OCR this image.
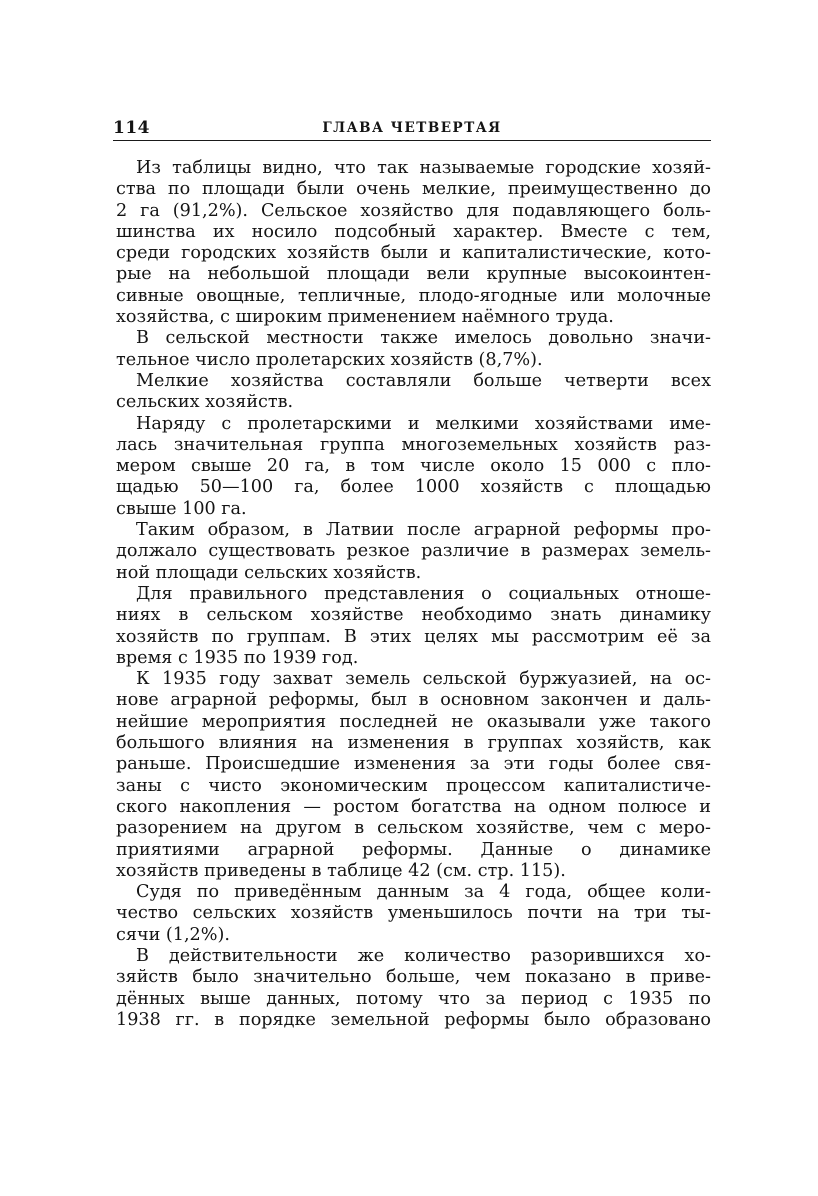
114	ГЛАВА ЧЕТВЕРТАЯ
Из таблицы видно, что так называемые городские хозяй-
ства по площади были очень мелкие, преимущественно до
2 га (91,2%). Сельское хозяйство для подавляющего боль-
шинства их носило подсобный характер. Вместе с тем,
среди городских хозяйств были и капиталистические, кото-
рые на небольшой площади вели крупные высокоинтен-
сивные овощные, тепличные, плодо-ягодные или молочные
хозяйства, с широким применением наёмного труда.
В сельской местности также имелось довольно значи-
тельное число пролетарских хозяйств (8,7%).
Мелкие хозяйства составляли больше четверти всех
сельских хозяйств.
Наряду с пролетарскими и мелкими хозяйствами име-
лась значительная группа многоземельных хозяйств раз-
мером свыше 20 га, в том числе около 15 000 с пло-
щадью 50—100 га, более 1000 хозяйств с площадью
свыше 100 га.
Таким образом, в Латвии после аграрной реформы про-
должало существовать резкое различие в размерах земель-
ной площади сельских хозяйств.
Для правильного представления о социальных отноше-
ниях в сельском хозяйстве необходимо знать динамику
хозяйств по группам. В этих целях мы рассмотрим её за
время с 1935 по 1939 год.
К 1935 году захват земель сельской буржуазией, на ос-
нове аграрной реформы, был в основном закончен и даль-
нейшие мероприятия последней не оказывали уже такого
большого влияния на изменения в группах хозяйств, как
раньше. Происшедшие изменения за эти годы более свя-
заны с чисто экономическим процессом капиталистиче-
ского накопления — ростом богатства на одном полюсе и
разорением на другом в сельском хозяйстве, чем с меро-
приятиями аграрной реформы. Данные о динамике
хозяйств приведены в таблице 42 (см. стр. 115).
Судя по приведённым данным за 4 года, общее коли-
чество сельских хозяйств уменьшилось почти на три ты-
сячи (1,2%).
В действительности же количество разорившихся хо-
зяйств было значительно больше, чем показано в приве-
дённых выше данных, потому что за период с 1935 по
1938 гг. в порядке земельной реформы было образовано
